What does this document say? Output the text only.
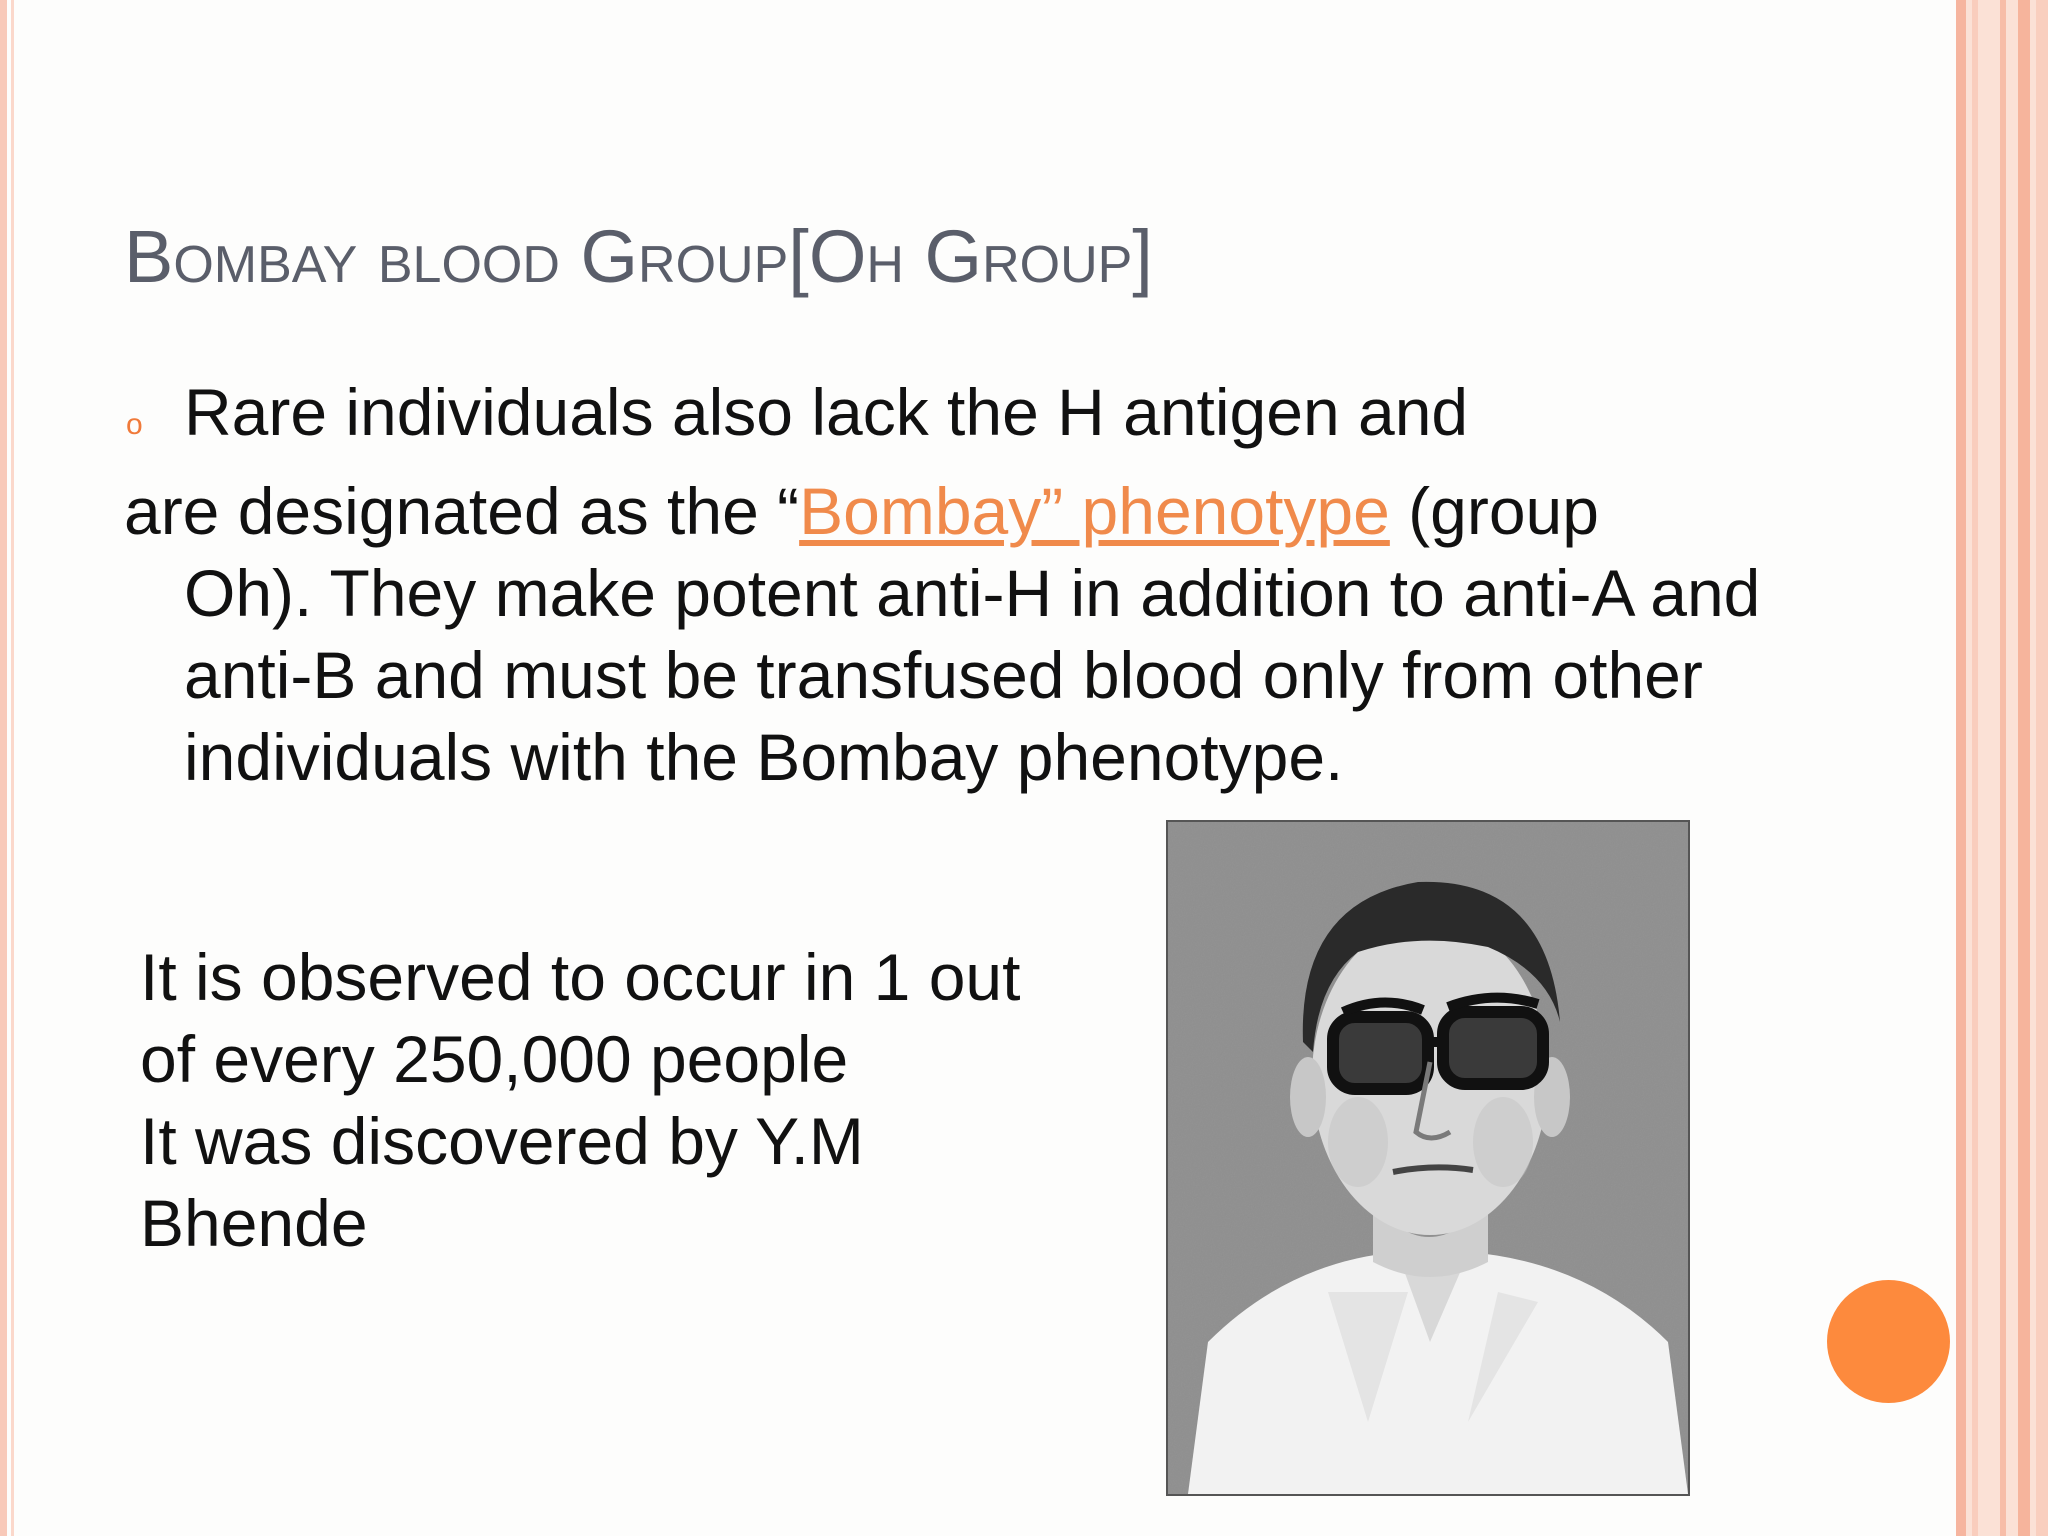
Bombay blood Group[Oh Group]
o Rare individuals also lack the H antigen and

are designated as the “Bombay” phenotype (group
Oh). They make potent anti-H in addition to anti-A and anti-B and must be transfused blood only from other individuals with the Bombay phenotype.
It is observed to occur in 1 out
of every 250,000 people
It was discovered by Y.M
Bhende
